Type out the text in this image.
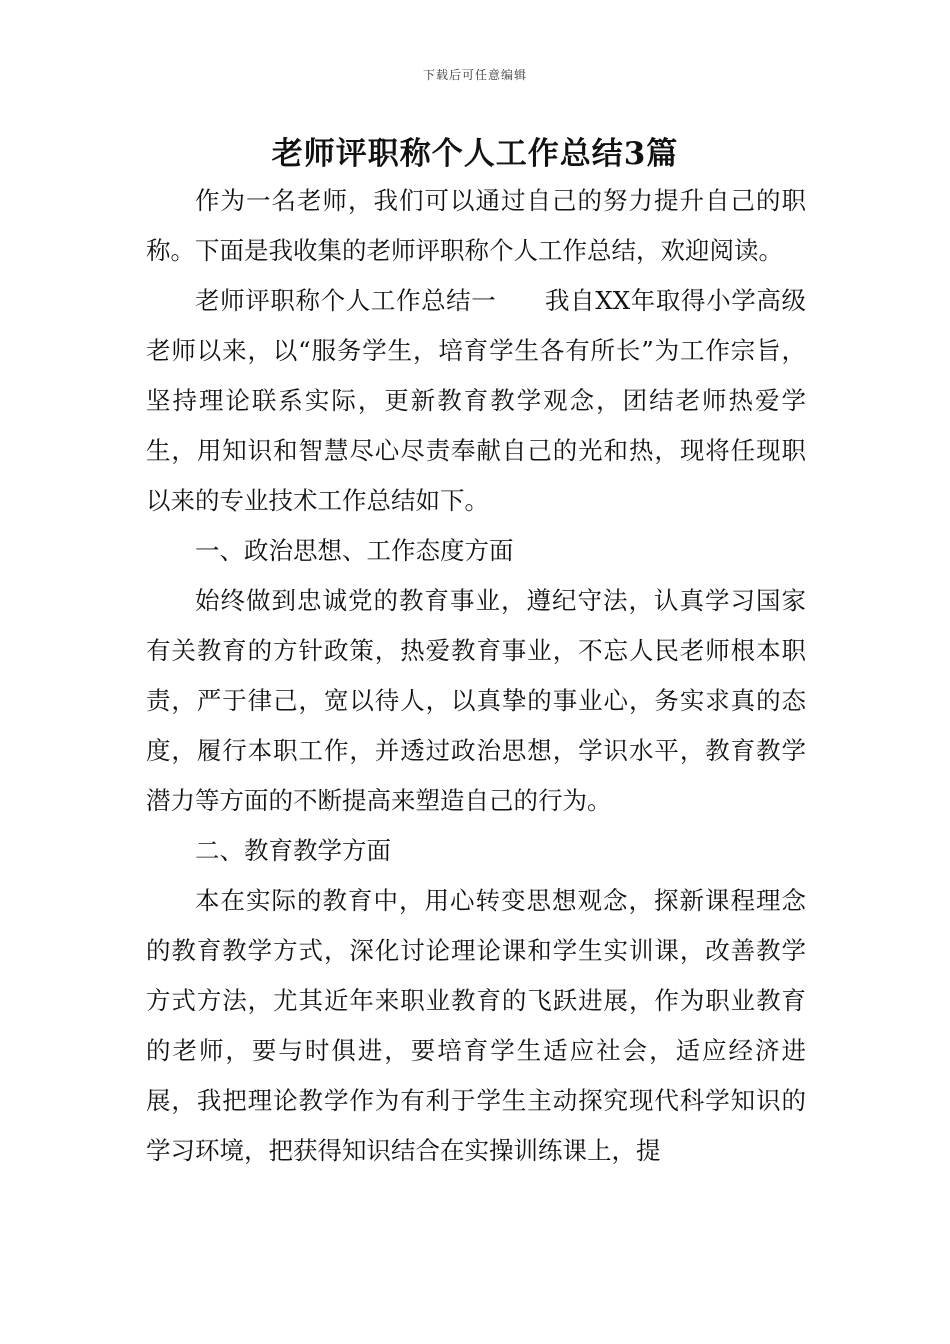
下载后可任意编辑
老师评职称个人工作总结3篇

作为一名老师，我们可以通过自己的努力提升自己的职称。下面是我收集的老师评职称个人工作总结，欢迎阅读。

老师评职称个人工作总结一 我自XX年取得小学高级老师以来，以“服务学生，培育学生各有所长”为工作宗旨，坚持理论联系实际，更新教育教学观念，团结老师热爱学生，用知识和智慧尽心尽责奉献自己的光和热，现将任现职以来的专业技术工作总结如下。

一、政治思想、工作态度方面

始终做到忠诚党的教育事业，遵纪守法，认真学习国家有关教育的方针政策，热爱教育事业，不忘人民老师根本职责，严于律己，宽以待人，以真挚的事业心，务实求真的态度，履行本职工作，并透过政治思想，学识水平，教育教学潜力等方面的不断提高来塑造自己的行为。

二、教育教学方面

本在实际的教育中，用心转变思想观念，探新课程理念的教育教学方式，深化讨论理论课和学生实训课，改善教学方式方法，尤其近年来职业教育的飞跃进展，作为职业教育的老师，要与时俱进，要培育学生适应社会，适应经济进展，我把理论教学作为有利于学生主动探究现代科学知识的学习环境，把获得知识结合在实操训练课上，提
